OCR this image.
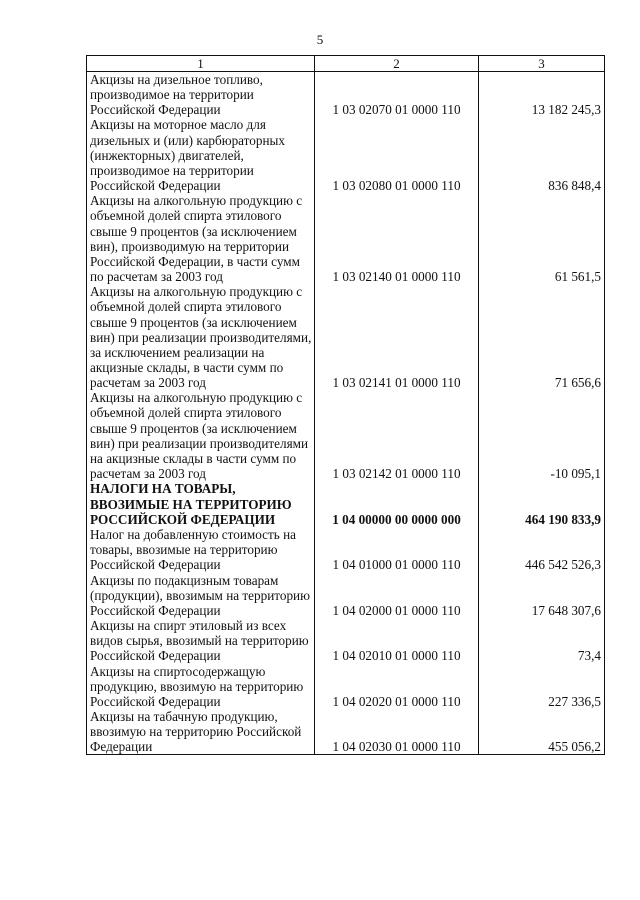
5
1	2	3
Акцизы на дизельное топливо, производимое на территории Российской Федерации	1 03 02070 01 0000 110	13 182 245,3
Акцизы на моторное масло для дизельных и (или) карбюраторных (инжекторных) двигателей, производимое на территории Российской Федерации	1 03 02080 01 0000 110	836 848,4
Акцизы на алкогольную продукцию с объемной долей спирта этилового свыше 9 процентов (за исключением вин), производимую на территории Российской Федерации, в части сумм по расчетам за 2003 год	1 03 02140 01 0000 110	61 561,5
Акцизы на алкогольную продукцию с объемной долей спирта этилового свыше 9 процентов (за исключением вин) при реализации производителями, за исключением реализации на акцизные склады, в части сумм по расчетам за 2003 год	1 03 02141 01 0000 110	71 656,6
Акцизы на алкогольную продукцию с объемной долей спирта этилового свыше 9 процентов (за исключением вин) при реализации производителями на акцизные склады в части сумм по расчетам за 2003 год	1 03 02142 01 0000 110	-10 095,1
НАЛОГИ НА ТОВАРЫ, ВВОЗИМЫЕ НА ТЕРРИТОРИЮ РОССИЙСКОЙ ФЕДЕРАЦИИ	1 04 00000 00 0000 000	464 190 833,9
Налог на добавленную стоимость на товары, ввозимые на территорию Российской Федерации	1 04 01000 01 0000 110	446 542 526,3
Акцизы по подакцизным товарам (продукции), ввозимым на территорию Российской Федерации	1 04 02000 01 0000 110	17 648 307,6
Акцизы на спирт этиловый из всех видов сырья, ввозимый на территорию Российской Федерации	1 04 02010 01 0000 110	73,4
Акцизы на спиртосодержащую продукцию, ввозимую на территорию Российской Федерации	1 04 02020 01 0000 110	227 336,5
Акцизы на табачную продукцию, ввозимую на территорию Российской Федерации	1 04 02030 01 0000 110	455 056,2
